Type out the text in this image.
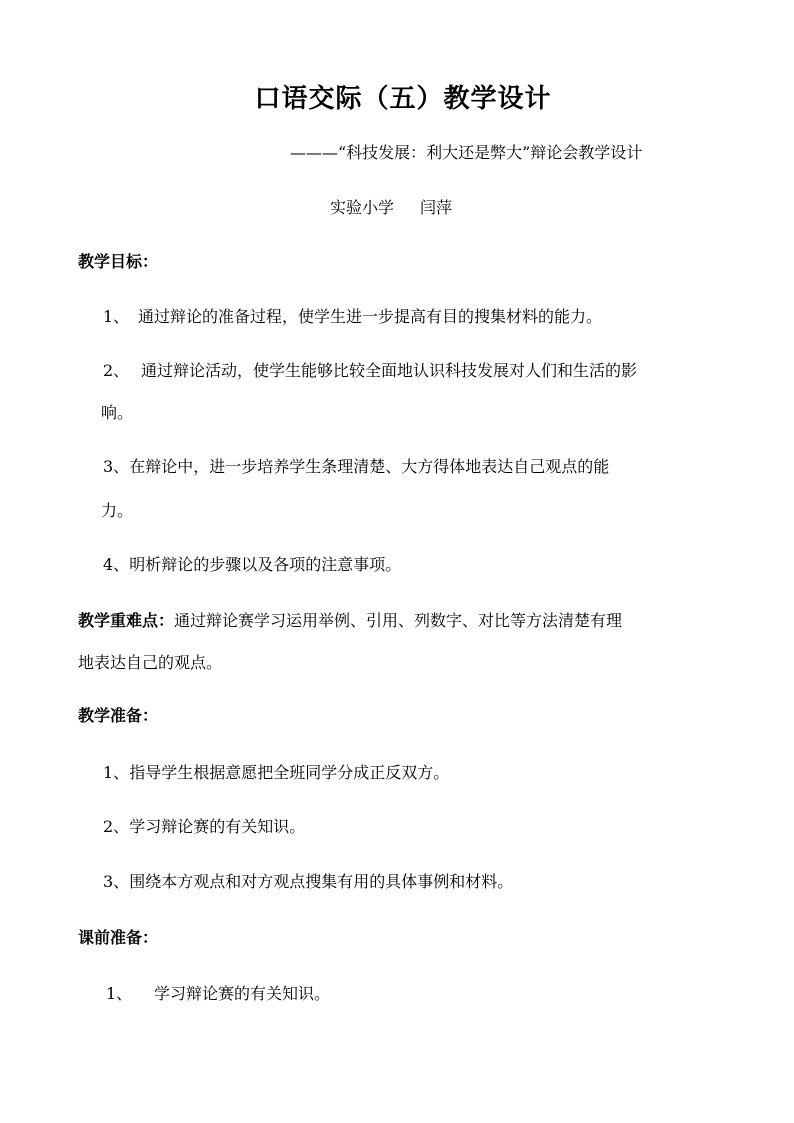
口语交际（五）教学设计
———“科技发展：利大还是弊大”辩论会教学设计
实验小学 闫萍
教学目标：
1、 通过辩论的准备过程，使学生进一步提高有目的搜集材料的能力。
2、 通过辩论活动，使学生能够比较全面地认识科技发展对人们和生活的影
响。
3、在辩论中，进一步培养学生条理清楚、大方得体地表达自己观点的能
力。
4、明析辩论的步骤以及各项的注意事项。
教学重难点：通过辩论赛学习运用举例、引用、列数字、对比等方法清楚有理
地表达自己的观点。
教学准备：
1、指导学生根据意愿把全班同学分成正反双方。
2、学习辩论赛的有关知识。
3、围绕本方观点和对方观点搜集有用的具体事例和材料。
课前准备：
1、 学习辩论赛的有关知识。
